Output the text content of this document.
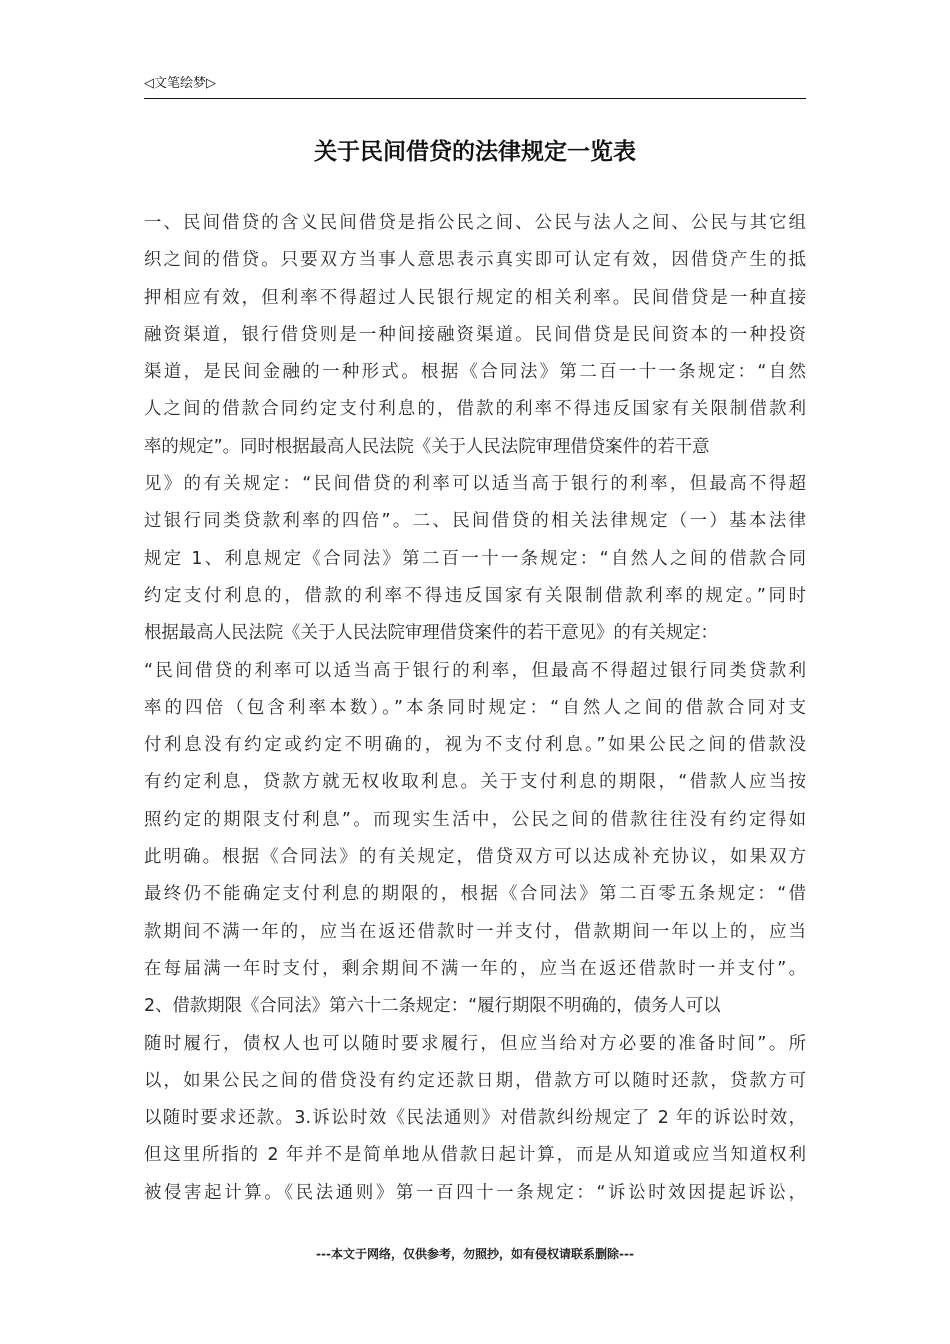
◁文笔绘梦▷
关于民间借贷的法律规定一览表
一、民间借贷的含义民间借贷是指公民之间、公民与法人之间、公民与其它组
织之间的借贷。只要双方当事人意思表示真实即可认定有效，因借贷产生的抵
押相应有效，但利率不得超过人民银行规定的相关利率。民间借贷是一种直接
融资渠道，银行借贷则是一种间接融资渠道。民间借贷是民间资本的一种投资
渠道，是民间金融的一种形式。根据《合同法》第二百一十一条规定：“自然
人之间的借款合同约定支付利息的，借款的利率不得违反国家有关限制借款利
率的规定”。同时根据最高人民法院《关于人民法院审理借贷案件的若干意
见》的有关规定：“民间借贷的利率可以适当高于银行的利率，但最高不得超
过银行同类贷款利率的四倍”。二、民间借贷的相关法律规定（一）基本法律
规定 1、利息规定《合同法》第二百一十一条规定：“自然人之间的借款合同
约定支付利息的，借款的利率不得违反国家有关限制借款利率的规定。”同时
根据最高人民法院《关于人民法院审理借贷案件的若干意见》的有关规定：
“民间借贷的利率可以适当高于银行的利率，但最高不得超过银行同类贷款利
率的四倍（包含利率本数）。”本条同时规定：“自然人之间的借款合同对支
付利息没有约定或约定不明确的，视为不支付利息。”如果公民之间的借款没
有约定利息，贷款方就无权收取利息。关于支付利息的期限，“借款人应当按
照约定的期限支付利息”。而现实生活中，公民之间的借款往往没有约定得如
此明确。根据《合同法》的有关规定，借贷双方可以达成补充协议，如果双方
最终仍不能确定支付利息的期限的，根据《合同法》第二百零五条规定：“借
款期间不满一年的，应当在返还借款时一并支付，借款期间一年以上的，应当
在每届满一年时支付，剩余期间不满一年的，应当在返还借款时一并支付”。
2、借款期限《合同法》第六十二条规定：“履行期限不明确的，债务人可以
随时履行，债权人也可以随时要求履行，但应当给对方必要的准备时间”。所
以，如果公民之间的借贷没有约定还款日期，借款方可以随时还款，贷款方可
以随时要求还款。3.诉讼时效《民法通则》对借款纠纷规定了 2 年的诉讼时效，
但这里所指的 2 年并不是简单地从借款日起计算，而是从知道或应当知道权利
被侵害起计算。《民法通则》第一百四十一条规定：“诉讼时效因提起诉讼，
---本文于网络，仅供参考，勿照抄，如有侵权请联系删除---
